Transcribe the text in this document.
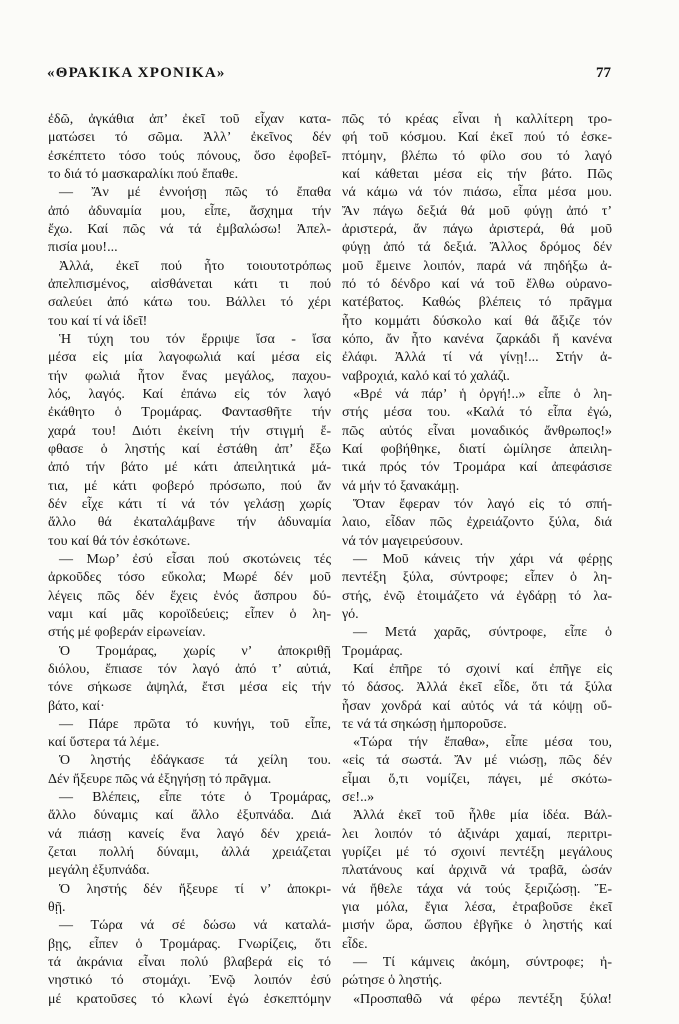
«ΘΡΑΚΙΚΑ ΧΡΟΝΙΚΑ»	77
ἐδῶ, ἀγκάθια ἀπ’ ἐκεῖ τοῦ εἶχαν κατα-
ματώσει τό σῶμα. Ἀλλ’ ἐκεῖνος δέν
ἐσκέπτετο τόσο τούς πόνους, ὅσο ἐφοβεῖ-
το διά τό μασκαραλίκι πού ἔπαθε.
— Ἄν μέ ἐννοήσῃ πῶς τό ἔπαθα
ἀπό ἀδυναμία μου, εἶπε, ἄσχημα τήν
ἔχω. Καί πῶς νά τά ἐμβαλώσω! Ἀπελ-
πισία μου!...
Ἀλλά, ἐκεῖ πού ἦτο τοιουτοτρόπως
ἀπελπισμένος, αἰσθάνεται κάτι τι πού
σαλεύει ἀπό κάτω του. Βάλλει τό χέρι
του καί τί νά ἰδεῖ!
Ἡ τύχη του τόν ἔρριψε ἴσα - ἴσα
μέσα εἰς μία λαγοφωλιά καί μέσα εἰς
τήν φωλιά ἦτον ἕνας μεγάλος, παχου-
λός, λαγός. Καί ἐπάνω εἰς τόν λαγό
ἐκάθητο ὁ Τρομάρας. Φαντασθῆτε τήν
χαρά του! Διότι ἐκείνη τήν στιγμή ἔ-
φθασε ὁ ληστής καί ἐστάθη ἀπ’ ἔξω
ἀπό τήν βάτο μέ κάτι ἀπειλητικά μά-
τια, μέ κάτι φοβερό πρόσωπο, πού ἄν
δέν εἶχε κάτι τί νά τόν γελάσῃ χωρίς
ἄλλο θά ἐκαταλάμβανε τήν ἀδυναμία
του καί θά τόν ἐσκότωνε.
— Μωρ’ ἐσύ εἶσαι πού σκοτώνεις τές
ἀρκοῦδες τόσο εὔκολα; Μωρέ δέν μοῦ
λέγεις πῶς δέν ἔχεις ἑνός ἄσπρου δύ-
ναμι καί μᾶς κοροϊδεύεις; εἶπεν ὁ λη-
στής μέ φοβεράν εἰρωνείαν.
Ὁ Τρομάρας, χωρίς ν’ ἀποκριθῇ
διόλου, ἔπιασε τόν λαγό ἀπό τ’ αὐτιά,
τόνε σήκωσε ἀψηλά, ἔτσι μέσα εἰς τήν
βάτο, καί·
— Πάρε πρῶτα τό κυνήγι, τοῦ εἶπε,
καί ὕστερα τά λέμε.
Ὁ ληστής ἐδάγκασε τά χείλη του.
Δέν ἤξευρε πῶς νά ἐξηγήσῃ τό πρᾶγμα.
— Βλέπεις, εἶπε τότε ὁ Τρομάρας,
ἄλλο δύναμις καί ἄλλο ἐξυπνάδα. Διά
νά πιάσῃ κανείς ἕνα λαγό δέν χρειά-
ζεται πολλή δύναμι, ἀλλά χρειάζεται
μεγάλη ἐξυπνάδα.
Ὁ ληστής δέν ἤξευρε τί ν’ ἀποκρι-
θῇ.
— Τώρα νά σέ δώσω νά καταλά-
βῃς, εἶπεν ὁ Τρομάρας. Γνωρίζεις, ὅτι
τά ἀκράνια εἶναι πολύ βλαβερά εἰς τό
νηστικό τό στομάχι. Ἐνῷ λοιπόν ἐσύ
μέ κρατοῦσες τό κλωνί ἐγώ ἐσκεπτόμην
πῶς τό κρέας εἶναι ἡ καλλίτερη τρο-
φή τοῦ κόσμου. Καί ἐκεῖ πού τό ἐσκε-
πτόμην, βλέπω τό φίλο σου τό λαγό
καί κάθεται μέσα εἰς τήν βάτο. Πῶς
νά κάμω νά τόν πιάσω, εἶπα μέσα μου.
Ἄν πάγω δεξιά θά μοῦ φύγῃ ἀπό τ’
ἀριστερά, ἄν πάγω ἀριστερά, θά μοῦ
φύγῃ ἀπό τά δεξιά. Ἄλλος δρόμος δέν
μοῦ ἔμεινε λοιπόν, παρά νά πηδήξω ἀ-
πό τό δένδρο καί νά τοῦ ἔλθω οὐρανο-
κατέβατος. Καθώς βλέπεις τό πρᾶγμα
ἦτο κομμάτι δύσκολο καί θά ἄξιζε τόν
κόπο, ἄν ἦτο κανένα ζαρκάδι ἤ κανένα
ἐλάφι. Ἀλλά τί νά γίνῃ!... Στήν ἀ-
ναβροχιά, καλό καί τό χαλάζι.
«Βρέ νά πάρ’ ἡ ὀργή!..» εἶπε ὁ λη-
στής μέσα του. «Καλά τό εἶπα ἐγώ,
πῶς αὐτός εἶναι μοναδικός ἄνθρωπος!»
Καί φοβήθηκε, διατί ὡμίλησε ἀπειλη-
τικά πρός τόν Τρομάρα καί ἀπεφάσισε
νά μήν τό ξανακάμῃ.
Ὅταν ἔφεραν τόν λαγό εἰς τό σπή-
λαιο, εἶδαν πῶς ἐχρειάζοντο ξύλα, διά
νά τόν μαγειρεύσουν.
— Μοῦ κάνεις τήν χάρι νά φέρῃς
πεντέξη ξύλα, σύντροφε; εἶπεν ὁ λη-
στής, ἐνῷ ἑτοιμάζετο νά ἐγδάρῃ τό λα-
γό.
— Μετά χαρᾶς, σύντροφε, εἶπε ὁ
Τρομάρας.
Καί ἐπῆρε τό σχοινί καί ἐπῆγε εἰς
τό δάσος. Ἀλλά ἐκεῖ εἶδε, ὅτι τά ξύλα
ἦσαν χονδρά καί αὐτός νά τά κόψῃ οὔ-
τε νά τά σηκώσῃ ἠμποροῦσε.
«Τώρα τήν ἔπαθα», εἶπε μέσα του,
«εἰς τά σωστά. Ἄν μέ νιώσῃ, πῶς δέν
εἶμαι ὅ,τι νομίζει, πάγει, μέ σκότω-
σε!..»
Ἀλλά ἐκεῖ τοῦ ἦλθε μία ἰδέα. Βάλ-
λει λοιπόν τό ἀξινάρι χαμαί, περιτρι-
γυρίζει μέ τό σχοινί πεντέξη μεγάλους
πλατάνους καί ἀρχινᾶ νά τραβᾶ, ὡσάν
νά ἤθελε τάχα νά τούς ξεριζώσῃ. Ἔ-
για μόλα, ἔγια λέσα, ἐτραβοῦσε ἐκεῖ
μισήν ὥρα, ὥσπου ἐβγῆκε ὁ ληστής καί
εἶδε.
— Τί κάμνεις ἀκόμη, σύντροφε; ἠ-
ρώτησε ὁ ληστής.
«Προσπαθῶ νά φέρω πεντέξη ξύλα!
